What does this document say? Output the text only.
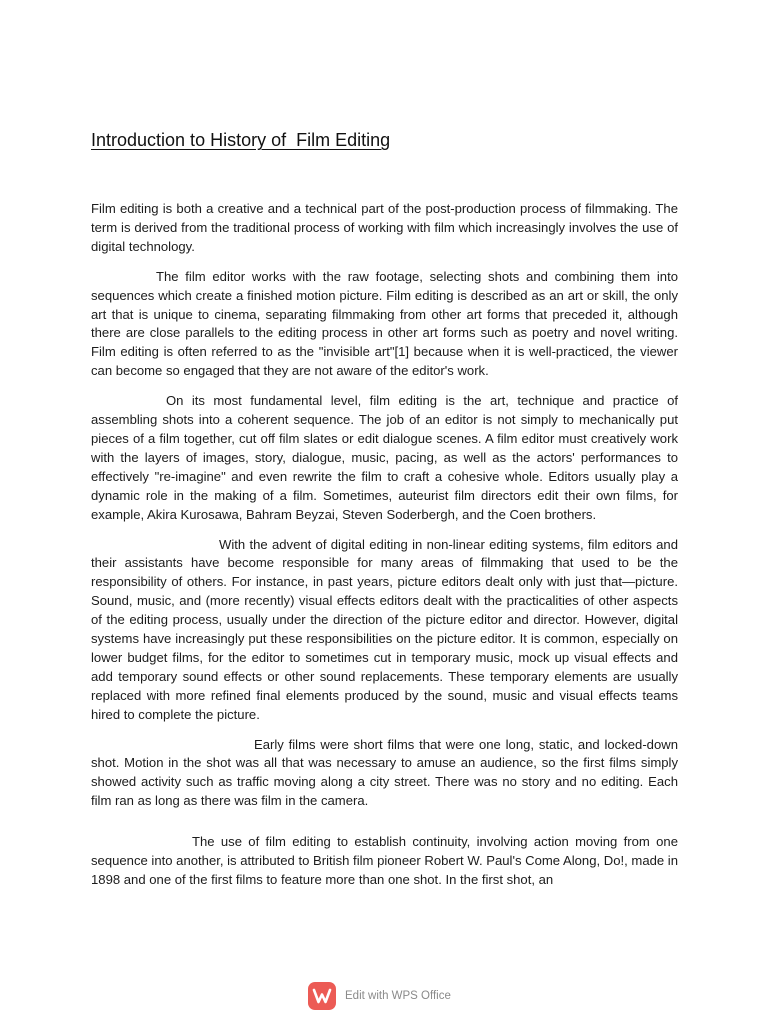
Introduction to History of  Film Editing

Film editing is both a creative and a technical part of the post-production process of filmmaking. The term is derived from the traditional process of working with film which increasingly involves the use of digital technology.

The film editor works with the raw footage, selecting shots and combining them into sequences which create a finished motion picture. Film editing is described as an art or skill, the only art that is unique to cinema, separating filmmaking from other art forms that preceded it, although there are close parallels to the editing process in other art forms such as poetry and novel writing. Film editing is often referred to as the "invisible art"[1] because when it is well-practiced, the viewer can become so engaged that they are not aware of the editor's work.

On its most fundamental level, film editing is the art, technique and practice of assembling shots into a coherent sequence. The job of an editor is not simply to mechanically put pieces of a film together, cut off film slates or edit dialogue scenes. A film editor must creatively work with the layers of images, story, dialogue, music, pacing, as well as the actors' performances to effectively "re-imagine" and even rewrite the film to craft a cohesive whole. Editors usually play a dynamic role in the making of a film. Sometimes, auteurist film directors edit their own films, for example, Akira Kurosawa, Bahram Beyzai, Steven Soderbergh, and the Coen brothers.

With the advent of digital editing in non-linear editing systems, film editors and their assistants have become responsible for many areas of filmmaking that used to be the responsibility of others. For instance, in past years, picture editors dealt only with just that—picture. Sound, music, and (more recently) visual effects editors dealt with the practicalities of other aspects of the editing process, usually under the direction of the picture editor and director. However, digital systems have increasingly put these responsibilities on the picture editor. It is common, especially on lower budget films, for the editor to sometimes cut in temporary music, mock up visual effects and add temporary sound effects or other sound replacements. These temporary elements are usually replaced with more refined final elements produced by the sound, music and visual effects teams hired to complete the picture.

Early films were short films that were one long, static, and locked-down shot. Motion in the shot was all that was necessary to amuse an audience, so the first films simply showed activity such as traffic moving along a city street. There was no story and no editing. Each film ran as long as there was film in the camera.

The use of film editing to establish continuity, involving action moving from one sequence into another, is attributed to British film pioneer Robert W. Paul's Come Along, Do!, made in 1898 and one of the first films to feature more than one shot. In the first shot, an

Edit with WPS Office
